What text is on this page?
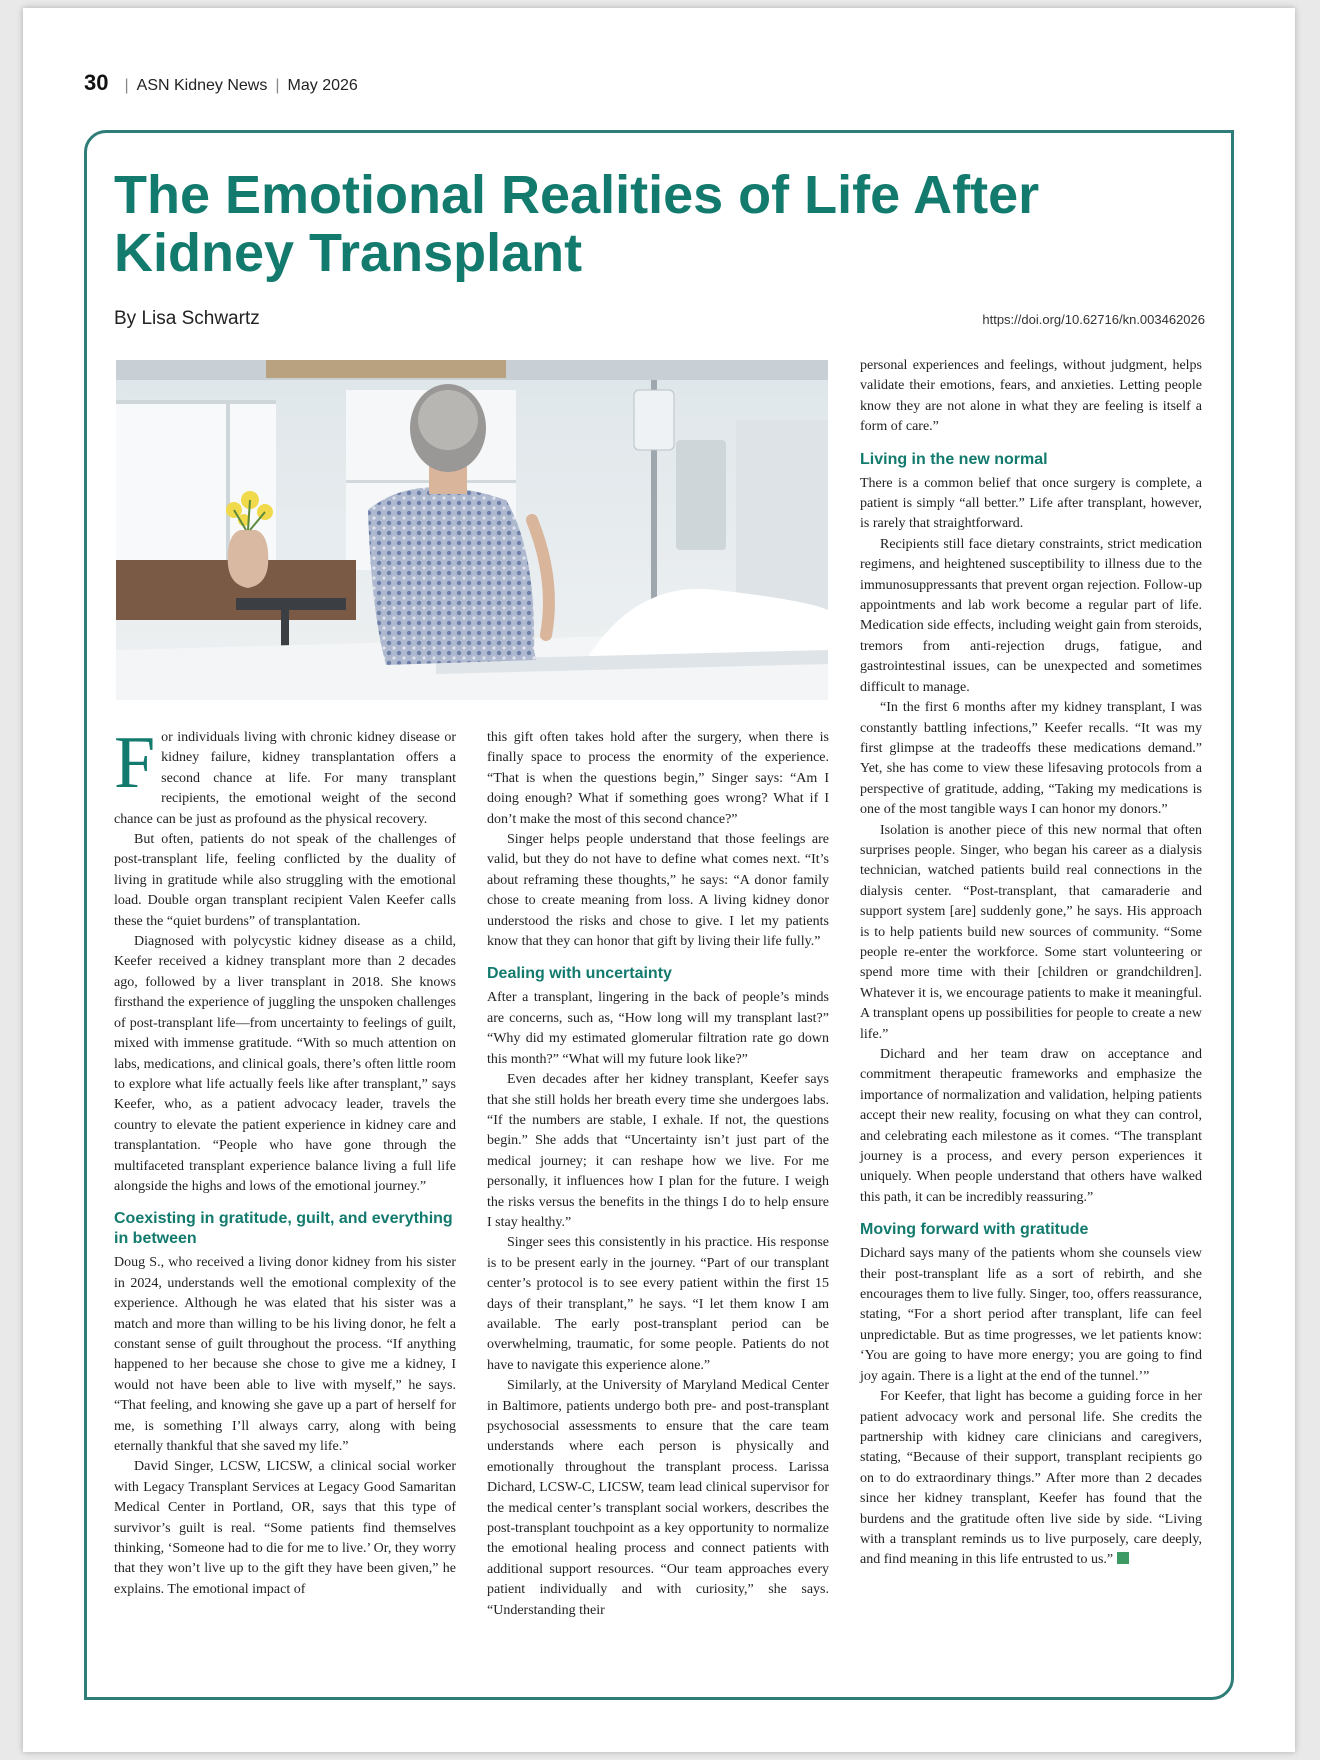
30 | ASN Kidney News | May 2026
The Emotional Realities of Life After Kidney Transplant
By Lisa Schwartz	https://doi.org/10.62716/kn.003462026

For individuals living with chronic kidney disease or kidney failure, kidney transplantation offers a second chance at life. For many transplant recipients, the emotional weight of the second chance can be just as profound as the physical recovery.

But often, patients do not speak of the challenges of post-transplant life, feeling conflicted by the duality of living in gratitude while also struggling with the emotional load. Double organ transplant recipient Valen Keefer calls these the “quiet burdens” of transplantation.

Diagnosed with polycystic kidney disease as a child, Keefer received a kidney transplant more than 2 decades ago, followed by a liver transplant in 2018. She knows firsthand the experience of juggling the unspoken challenges of post-transplant life—from uncertainty to feelings of guilt, mixed with immense gratitude. “With so much attention on labs, medications, and clinical goals, there’s often little room to explore what life actually feels like after transplant,” says Keefer, who, as a patient advocacy leader, travels the country to elevate the patient experience in kidney care and transplantation. “People who have gone through the multifaceted transplant experience balance living a full life alongside the highs and lows of the emotional journey.”

Coexisting in gratitude, guilt, and everything in between

Doug S., who received a living donor kidney from his sister in 2024, understands well the emotional complexity of the experience. Although he was elated that his sister was a match and more than willing to be his living donor, he felt a constant sense of guilt throughout the process. “If anything happened to her because she chose to give me a kidney, I would not have been able to live with myself,” he says. “That feeling, and knowing she gave up a part of herself for me, is something I’ll always carry, along with being eternally thankful that she saved my life.”

David Singer, LCSW, LICSW, a clinical social worker with Legacy Transplant Services at Legacy Good Samaritan Medical Center in Portland, OR, says that this type of survivor’s guilt is real. “Some patients find themselves thinking, ‘Someone had to die for me to live.’ Or, they worry that they won’t live up to the gift they have been given,” he explains. The emotional impact of

this gift often takes hold after the surgery, when there is finally space to process the enormity of the experience. “That is when the questions begin,” Singer says: “Am I doing enough? What if something goes wrong? What if I don’t make the most of this second chance?”

Singer helps people understand that those feelings are valid, but they do not have to define what comes next. “It’s about reframing these thoughts,” he says: “A donor family chose to create meaning from loss. A living kidney donor understood the risks and chose to give. I let my patients know that they can honor that gift by living their life fully.”

Dealing with uncertainty

After a transplant, lingering in the back of people’s minds are concerns, such as, “How long will my transplant last?” “Why did my estimated glomerular filtration rate go down this month?” “What will my future look like?”

Even decades after her kidney transplant, Keefer says that she still holds her breath every time she undergoes labs. “If the numbers are stable, I exhale. If not, the questions begin.” She adds that “Uncertainty isn’t just part of the medical journey; it can reshape how we live. For me personally, it influences how I plan for the future. I weigh the risks versus the benefits in the things I do to help ensure I stay healthy.”

Singer sees this consistently in his practice. His response is to be present early in the journey. “Part of our transplant center’s protocol is to see every patient within the first 15 days of their transplant,” he says. “I let them know I am available. The early post-transplant period can be overwhelming, traumatic, for some people. Patients do not have to navigate this experience alone.”

Similarly, at the University of Maryland Medical Center in Baltimore, patients undergo both pre- and post-transplant psychosocial assessments to ensure that the care team understands where each person is physically and emotionally throughout the transplant process. Larissa Dichard, LCSW-C, LICSW, team lead clinical supervisor for the medical center’s transplant social workers, describes the post-transplant touchpoint as a key opportunity to normalize the emotional healing process and connect patients with additional support resources. “Our team approaches every patient individually and with curiosity,” she says. “Understanding their

personal experiences and feelings, without judgment, helps validate their emotions, fears, and anxieties. Letting people know they are not alone in what they are feeling is itself a form of care.”

Living in the new normal

There is a common belief that once surgery is complete, a patient is simply “all better.” Life after transplant, however, is rarely that straightforward.

Recipients still face dietary constraints, strict medication regimens, and heightened susceptibility to illness due to the immunosuppressants that prevent organ rejection. Follow-up appointments and lab work become a regular part of life. Medication side effects, including weight gain from steroids, tremors from anti-rejection drugs, fatigue, and gastrointestinal issues, can be unexpected and sometimes difficult to manage.

“In the first 6 months after my kidney transplant, I was constantly battling infections,” Keefer recalls. “It was my first glimpse at the tradeoffs these medications demand.” Yet, she has come to view these lifesaving protocols from a perspective of gratitude, adding, “Taking my medications is one of the most tangible ways I can honor my donors.”

Isolation is another piece of this new normal that often surprises people. Singer, who began his career as a dialysis technician, watched patients build real connections in the dialysis center. “Post-transplant, that camaraderie and support system [are] suddenly gone,” he says. His approach is to help patients build new sources of community. “Some people re-enter the workforce. Some start volunteering or spend more time with their [children or grandchildren]. Whatever it is, we encourage patients to make it meaningful. A transplant opens up possibilities for people to create a new life.”

Dichard and her team draw on acceptance and commitment therapeutic frameworks and emphasize the importance of normalization and validation, helping patients accept their new reality, focusing on what they can control, and celebrating each milestone as it comes. “The transplant journey is a process, and every person experiences it uniquely. When people understand that others have walked this path, it can be incredibly reassuring.”

Moving forward with gratitude

Dichard says many of the patients whom she counsels view their post-transplant life as a sort of rebirth, and she encourages them to live fully. Singer, too, offers reassurance, stating, “For a short period after transplant, life can feel unpredictable. But as time progresses, we let patients know: ‘You are going to have more energy; you are going to find joy again. There is a light at the end of the tunnel.’”

For Keefer, that light has become a guiding force in her patient advocacy work and personal life. She credits the partnership with kidney care clinicians and caregivers, stating, “Because of their support, transplant recipients go on to do extraordinary things.” After more than 2 decades since her kidney transplant, Keefer has found that the burdens and the gratitude often live side by side. “Living with a transplant reminds us to live purposely, care deeply, and find meaning in this life entrusted to us.”
